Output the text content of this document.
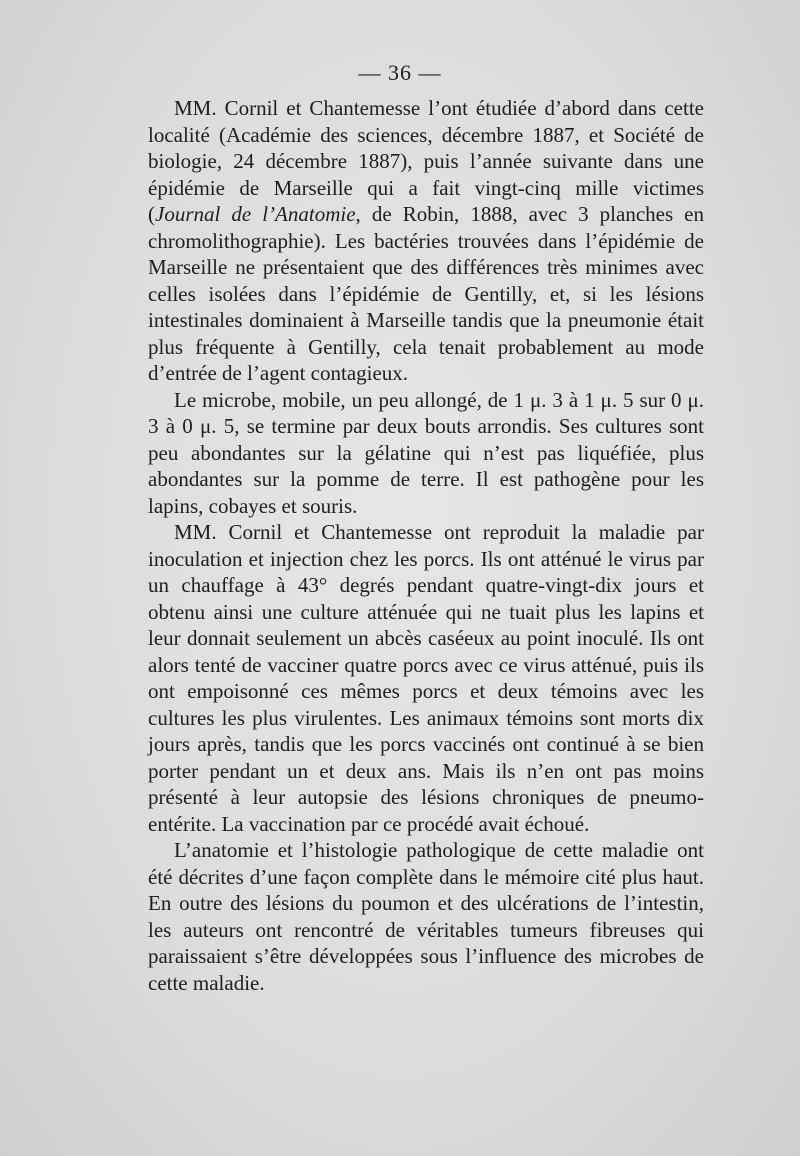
— 36 —

MM. Cornil et Chantemesse l’ont étudiée d’abord dans cette localité (Académie des sciences, décembre 1887, et Société de biologie, 24 décembre 1887), puis l’année suivante dans une épidémie de Marseille qui a fait vingt-cinq mille victimes (Journal de l’Anatomie, de Robin, 1888, avec 3 planches en chromolithographie). Les bactéries trouvées dans l’épidémie de Marseille ne présentaient que des différences très minimes avec celles isolées dans l’épidémie de Gentilly, et, si les lésions intestinales dominaient à Marseille tandis que la pneumonie était plus fréquente à Gentilly, cela tenait probablement au mode d’entrée de l’agent contagieux.

Le microbe, mobile, un peu allongé, de 1 μ. 3 à 1 μ. 5 sur 0 μ. 3 à 0 μ. 5, se termine par deux bouts arrondis. Ses cultures sont peu abondantes sur la gélatine qui n’est pas liquéfiée, plus abondantes sur la pomme de terre. Il est pathogène pour les lapins, cobayes et souris.

MM. Cornil et Chantemesse ont reproduit la maladie par inoculation et injection chez les porcs. Ils ont atténué le virus par un chauffage à 43° degrés pendant quatre-vingt-dix jours et obtenu ainsi une culture atténuée qui ne tuait plus les lapins et leur donnait seulement un abcès caséeux au point inoculé. Ils ont alors tenté de vacciner quatre porcs avec ce virus atténué, puis ils ont empoisonné ces mêmes porcs et deux témoins avec les cultures les plus virulentes. Les animaux témoins sont morts dix jours après, tandis que les porcs vaccinés ont continué à se bien porter pendant un et deux ans. Mais ils n’en ont pas moins présenté à leur autopsie des lésions chroniques de pneumo-entérite. La vaccination par ce procédé avait échoué.

L’anatomie et l’histologie pathologique de cette maladie ont été décrites d’une façon complète dans le mémoire cité plus haut. En outre des lésions du poumon et des ulcérations de l’intestin, les auteurs ont rencontré de véritables tumeurs fibreuses qui paraissaient s’être développées sous l’influence des microbes de cette maladie.
